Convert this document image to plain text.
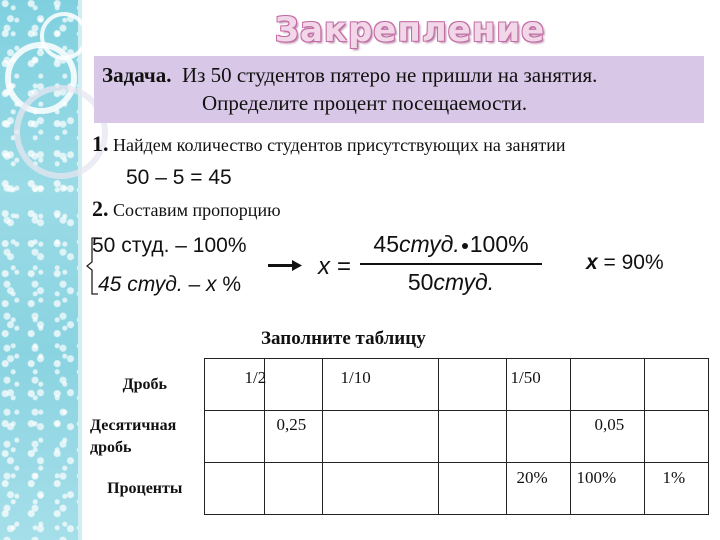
Закрепление
Задача. Из 50 студентов пятеро не пришли на занятия.
Определите процент посещаемости.
1. Найдем количество студентов присутствующих на занятии
50 – 5 = 45
2. Составим пропорцию
50 студ. – 100%
45 студ. – x %
x =
45студ. 100%
50студ.
x = 90%
Заполните таблицу
Дробь	1/2		1/10		1/50		

Десятичная дробь		0,25				0,05	

Проценты				20%		100%	1%
